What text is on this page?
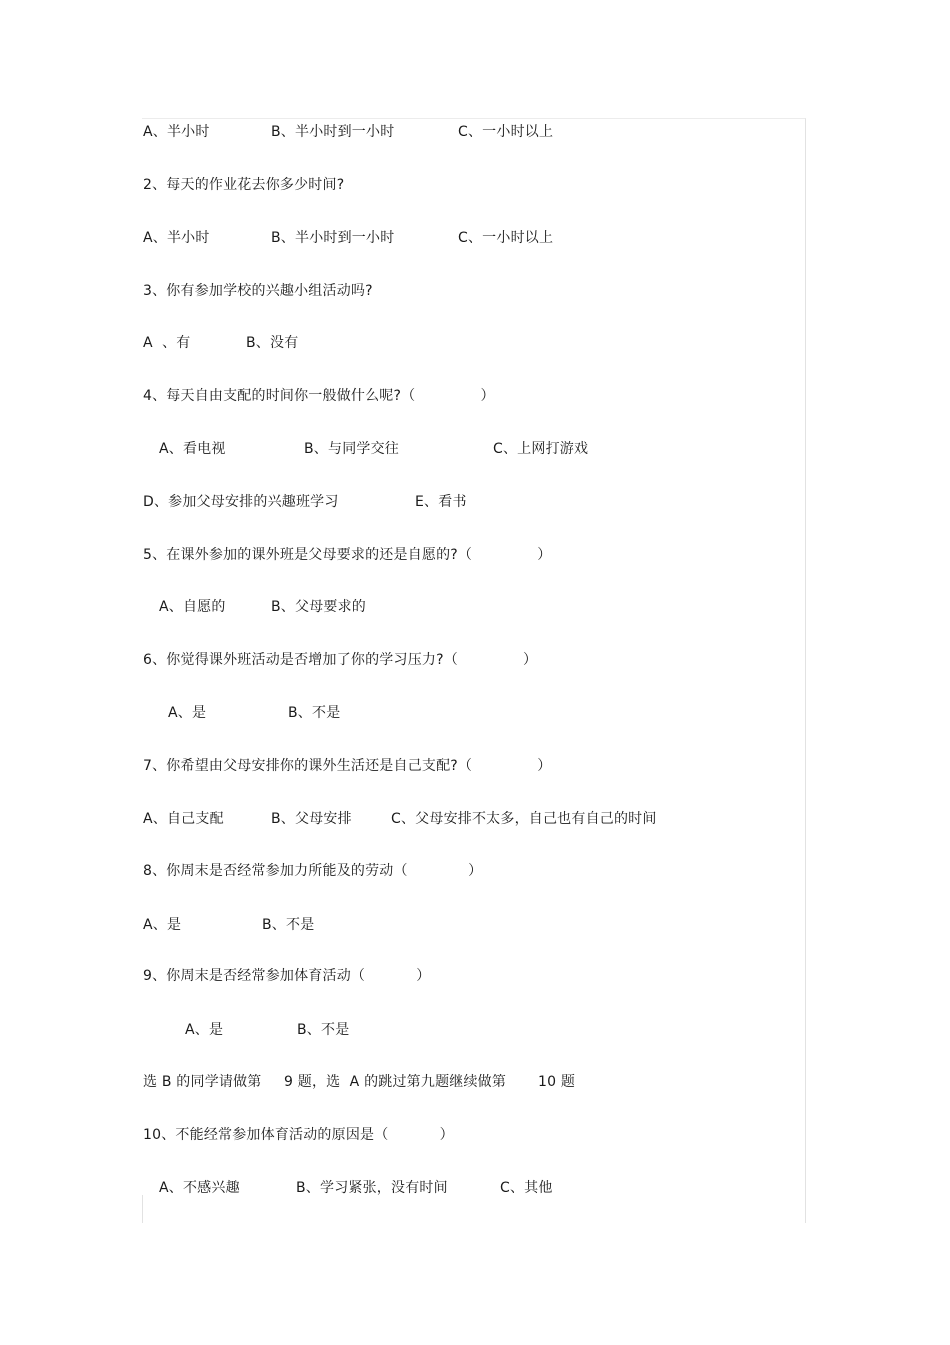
A、半小时	B、半小时到一小时	C、一小时以上
2、每天的作业花去你多少时间?
A、半小时	B、半小时到一小时	C、一小时以上
3、你有参加学校的兴趣小组活动吗?
A  、有	B、没有
4、每天自由支配的时间你一般做什么呢?（              ）
A、看电视	B、与同学交往	C、上网打游戏
D、参加父母安排的兴趣班学习	E、看书
5、在课外参加的课外班是父母要求的还是自愿的?（              ）
A、自愿的	B、父母要求的
6、你觉得课外班活动是否增加了你的学习压力?（              ）
A、是	B、不是
7、你希望由父母安排你的课外生活还是自己支配?（              ）
A、自己支配	B、父母安排	C、父母安排不太多，自己也有自己的时间
8、你周末是否经常参加力所能及的劳动（             ）
A、是	B、不是
9、你周末是否经常参加体育活动（           ）
A、是	B、不是
选 B 的同学请做第 9 题，选  A 的跳过第九题继续做第 10 题
10、不能经常参加体育活动的原因是（           ）
A、不感兴趣	B、学习紧张，没有时间	C、其他
